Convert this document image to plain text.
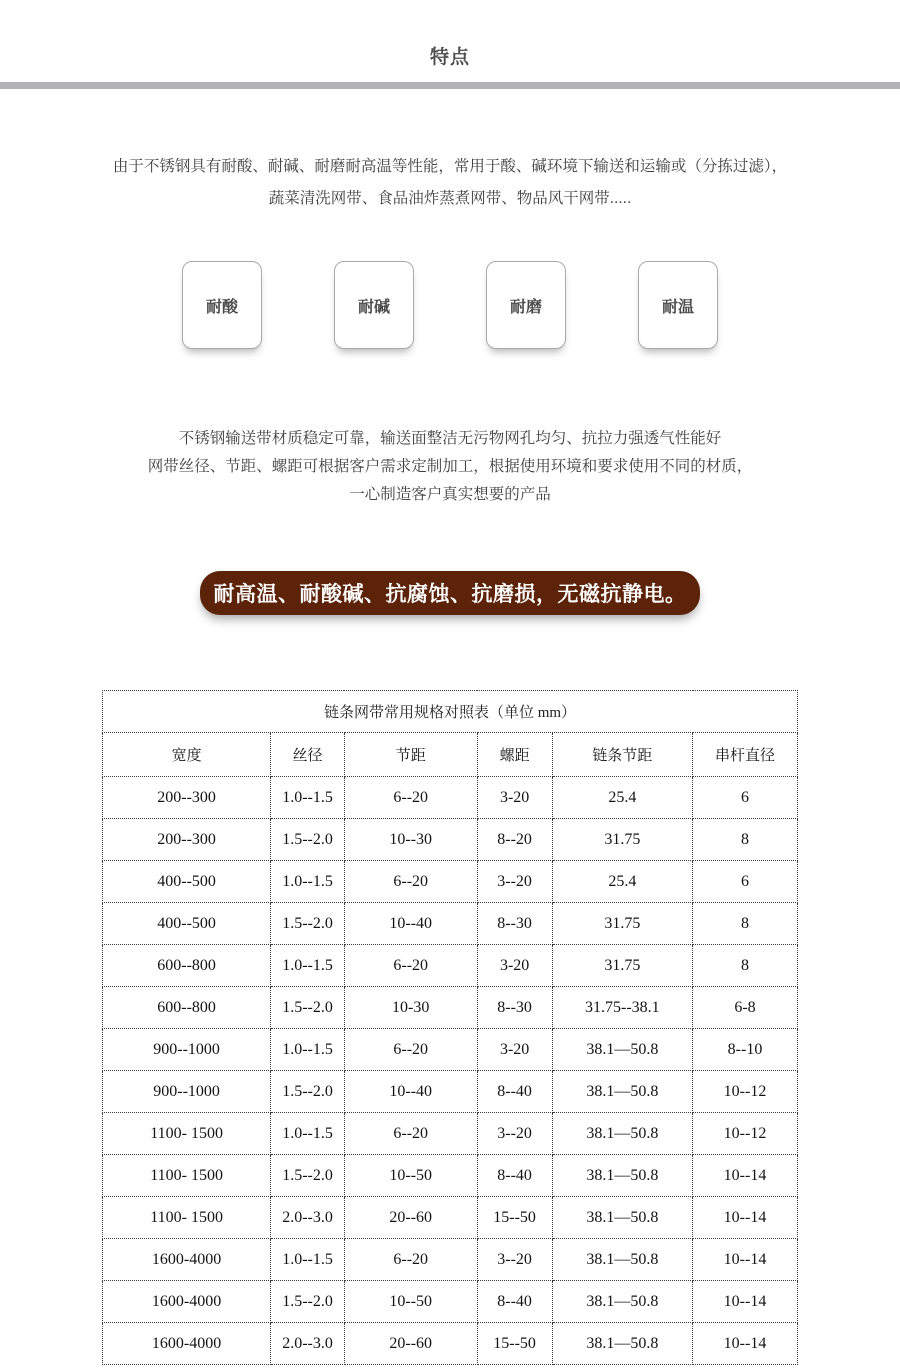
特点
由于不锈钢具有耐酸、耐碱、耐磨耐高温等性能，常用于酸、碱环境下输送和运输或（分拣过滤），
蔬菜清洗网带、食品油炸蒸煮网带、物品风干网带.....
耐酸	耐碱	耐磨	耐温
不锈钢输送带材质稳定可靠，输送面整洁无污物网孔均匀、抗拉力强透气性能好
网带丝径、节距、螺距可根据客户需求定制加工，根据使用环境和要求使用不同的材质，
一心制造客户真实想要的产品
耐高温、耐酸碱、抗腐蚀、抗磨损，无磁抗静电。
链条网带常用规格对照表（单位 mm）					
宽度	丝径	节距	螺距	链条节距	串杆直径
200--300	1.0--1.5	6--20	3-20	25.4	6
200--300	1.5--2.0	10--30	8--20	31.75	8
400--500	1.0--1.5	6--20	3--20	25.4	6
400--500	1.5--2.0	10--40	8--30	31.75	8
600--800	1.0--1.5	6--20	3-20	31.75	8
600--800	1.5--2.0	10-30	8--30	31.75--38.1	6-8
900--1000	1.0--1.5	6--20	3-20	38.1—50.8	8--10
900--1000	1.5--2.0	10--40	8--40	38.1—50.8	10--12
1100- 1500	1.0--1.5	6--20	3--20	38.1—50.8	10--12
1100- 1500	1.5--2.0	10--50	8--40	38.1—50.8	10--14
1100- 1500	2.0--3.0	20--60	15--50	38.1—50.8	10--14
1600-4000	1.0--1.5	6--20	3--20	38.1—50.8	10--14
1600-4000	1.5--2.0	10--50	8--40	38.1—50.8	10--14
1600-4000	2.0--3.0	20--60	15--50	38.1—50.8	10--14
